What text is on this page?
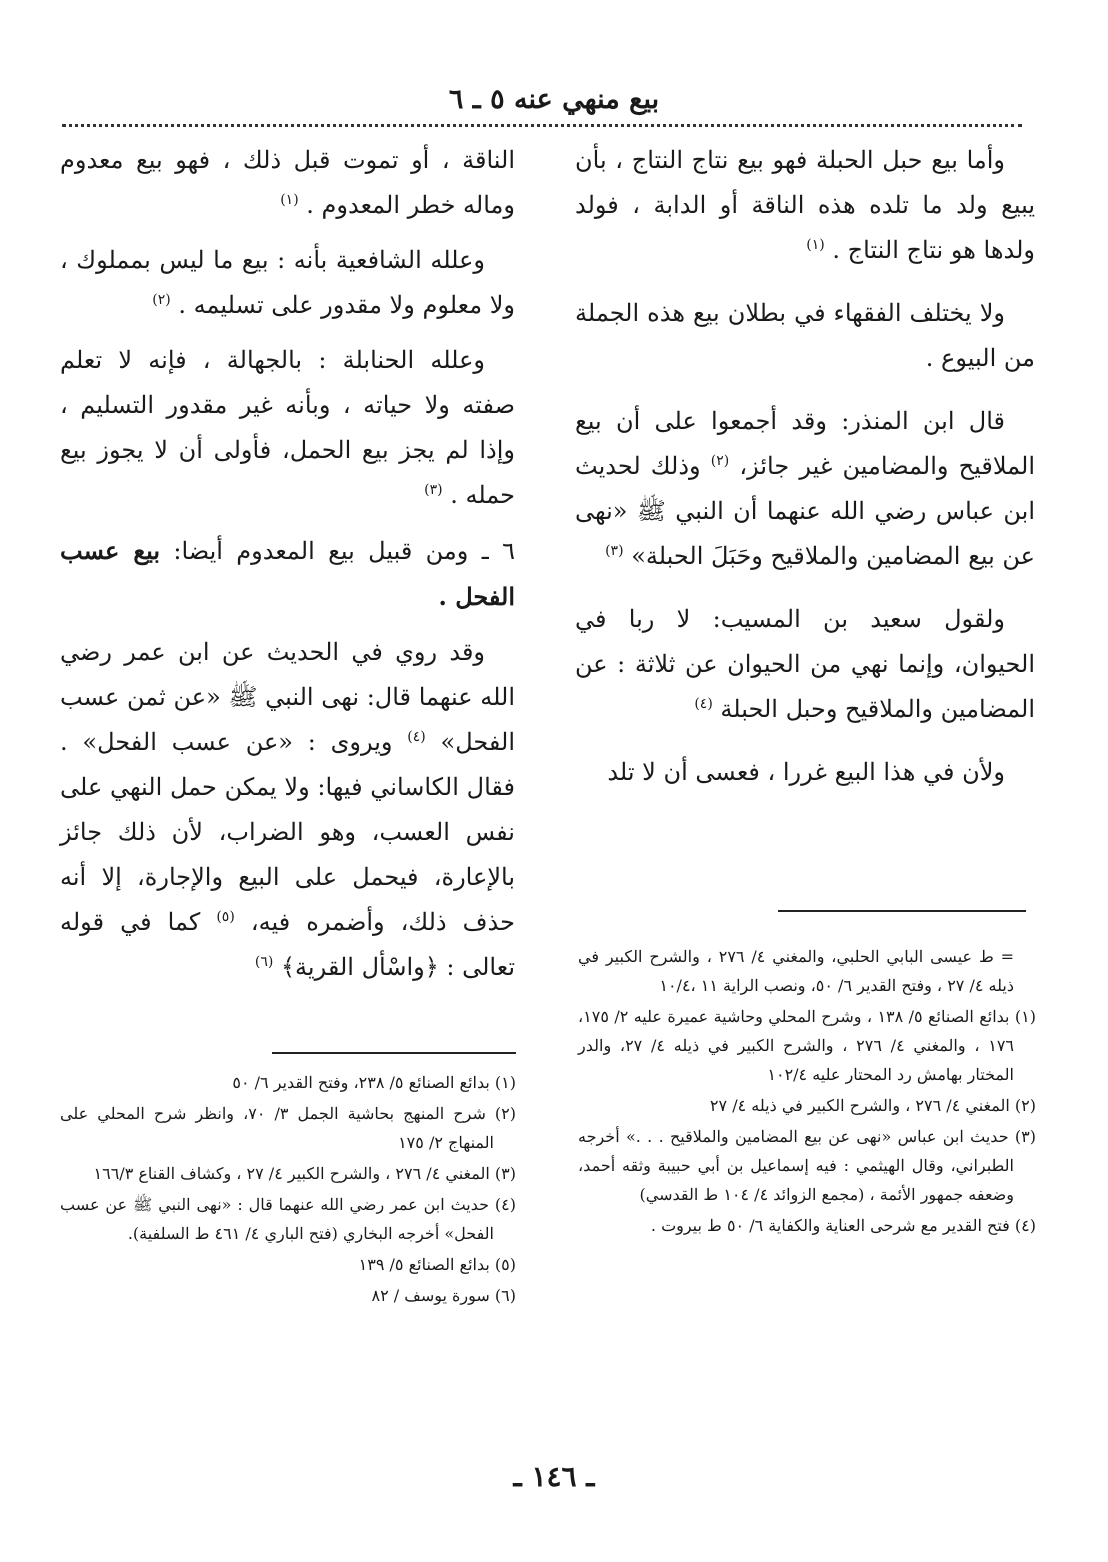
بيع منهي عنه ٥ ـ ٦

وأما بيع حبل الحبلة فهو بيع نتاج النتاج ، بأن يبيع ولد ما تلده هذه الناقة أو الدابة ، فولد ولدها هو نتاج النتاج . $^{(١)}$

ولا يختلف الفقهاء في بطلان بيع هذه الجملة من البيوع .

قال ابن المنذر: وقد أجمعوا على أن بيع الملاقيح والمضامين غير جائز، $^{(٢)}$ وذلك لحديث ابن عباس رضي الله عنهما أن النبي ﷺ «نهى عن بيع المضامين والملاقيح وحَبَلَ الحبلة» $^{(٣)}$

ولقول سعيد بن المسيب: لا ربا في الحيوان، وإنما نهي من الحيوان عن ثلاثة : عن المضامين والملاقيح وحبل الحبلة $^{(٤)}$

ولأن في هذا البيع غررا ، فعسى أن لا تلد

الناقة ، أو تموت قبل ذلك ، فهو بيع معدوم وماله خطر المعدوم . $^{(١)}$

وعلله الشافعية بأنه : بيع ما ليس بمملوك ، ولا معلوم ولا مقدور على تسليمه . $^{(٢)}$

وعلله الحنابلة : بالجهالة ، فإنه لا تعلم صفته ولا حياته ، وبأنه غير مقدور التسليم ، وإذا لم يجز بيع الحمل، فأولى أن لا يجوز بيع حمله . $^{(٣)}$

٦ ـ ومن قبيل بيع المعدوم أيضا: بيع عسب الفحل .

وقد روي في الحديث عن ابن عمر رضي الله عنهما قال: نهى النبي ﷺ «عن ثمن عسب الفحل» $^{(٤)}$ ويروى : «عن عسب الفحل» . فقال الكاساني فيها: ولا يمكن حمل النهي على نفس العسب، وهو الضراب، لأن ذلك جائز بالإعارة، فيحمل على البيع والإجارة، إلا أنه حذف ذلك، وأضمره فيه، $^{(٥)}$ كما في قوله تعالى : ﴿واسْأل القرية﴾ $^{(٦)}$	= ط عيسى البابي الحلبي، والمغني ٤/ ٢٧٦ ، والشرح الكبير في ذيله ٤/ ٢٧ ، وفتح القدير ٦/ ٥٠، ونصب الراية ١١ ،١٠/٤

(١) بدائع الصنائع ٥/ ١٣٨ ، وشرح المحلي وحاشية عميرة عليه ٢/ ١٧٥، ١٧٦ ، والمغني ٤/ ٢٧٦ ، والشرح الكبير في ذيله ٤/ ٢٧، والدر المختار بهامش رد المحتار عليه ١٠٢/٤

(٢) المغني ٤/ ٢٧٦ ، والشرح الكبير في ذيله ٤/ ٢٧

(٣) حديث ابن عباس «نهى عن بيع المضامين والملاقيح . . .» أخرجه الطبراني، وقال الهيثمي : فيه إسماعيل بن أبي حبيبة وثقه أحمد، وضعفه جمهور الأئمة ، (مجمع الزوائد ٤/ ١٠٤ ط القدسي)

(٤) فتح القدير مع شرحى العناية والكفاية ٦/ ٥٠ ط بيروت .

(١) بدائع الصنائع ٥/ ٢٣٨، وفتح القدير ٦/ ٥٠

(٢) شرح المنهج بحاشية الجمل ٣/ ٧٠، وانظر شرح المحلي على المنهاج ٢/ ١٧٥

(٣) المغني ٤/ ٢٧٦ ، والشرح الكبير ٤/ ٢٧ ، وكشاف القناع ١٦٦/٣

(٤) حديث ابن عمر رضي الله عنهما قال : «نهى النبي ﷺ عن عسب الفحل» أخرجه البخاري (فتح الباري ٤/ ٤٦١ ط السلفية).

(٥) بدائع الصنائع ٥/ ١٣٩

(٦) سورة يوسف / ٨٢

ـ ١٤٦ ـ
